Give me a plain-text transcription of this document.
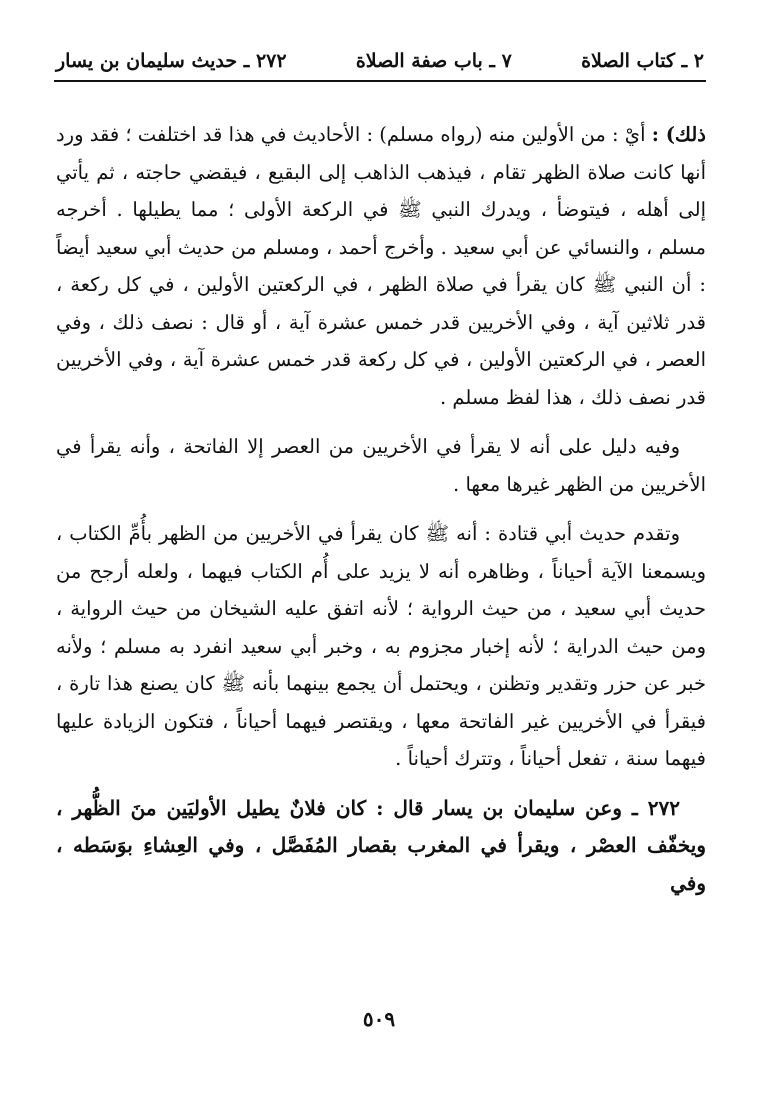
٢ ـ كتاب الصلاة
٧ ـ باب صفة الصلاة
٢٧٢ ـ حديث سليمان بن يسار

ذلك) : أيْ : من الأولين منه (رواه مسلم) : الأحاديث في هذا قد اختلفت ؛ فقد ورد أنها كانت صلاة الظهر تقام ، فيذهب الذاهب إلى البقيع ، فيقضي حاجته ، ثم يأتي إلى أهله ، فيتوضأ ، ويدرك النبي ﷺ في الركعة الأولى ؛ مما يطيلها . أخرجه مسلم ، والنسائي عن أبي سعيد . وأخرج أحمد ، ومسلم من حديث أبي سعيد أيضاً : أن النبي ﷺ كان يقرأ في صلاة الظهر ، في الركعتين الأولين ، في كل ركعة ، قدر ثلاثين آية ، وفي الأخريين قدر خمس عشرة آية ، أو قال : نصف ذلك ، وفي العصر ، في الركعتين الأولين ، في كل ركعة قدر خمس عشرة آية ، وفي الأخريين قدر نصف ذلك ، هذا لفظ مسلم .

وفيه دليل على أنه لا يقرأ في الأخريين من العصر إلا الفاتحة ، وأنه يقرأ في الأخريين من الظهر غيرها معها .

وتقدم حديث أبي قتادة : أنه ﷺ كان يقرأ في الأخريين من الظهر بأُمِّ الكتاب ، ويسمعنا الآية أحياناً ، وظاهره أنه لا يزيد على أُم الكتاب فيهما ، ولعله أرجح من حديث أبي سعيد ، من حيث الرواية ؛ لأنه اتفق عليه الشيخان من حيث الرواية ، ومن حيث الدراية ؛ لأنه إخبار مجزوم به ، وخبر أبي سعيد انفرد به مسلم ؛ ولأنه خبر عن حزر وتقدير وتظنن ، ويحتمل أن يجمع بينهما بأنه ﷺ كان يصنع هذا تارة ، فيقرأ في الأخريين غير الفاتحة معها ، ويقتصر فيهما أحياناً ، فتكون الزيادة عليها فيهما سنة ، تفعل أحياناً ، وتترك أحياناً .

٢٧٢ ـ وعن سليمان بن يسار قال : كان فلانٌ يطيل الأوليَين منَ الظُّهر ، ويخفّف العصْر ، ويقرأ في المغرب بقصار المُفَصَّل ، وفي العِشاءِ بوَسَطه ، وفي

٥٠٩
